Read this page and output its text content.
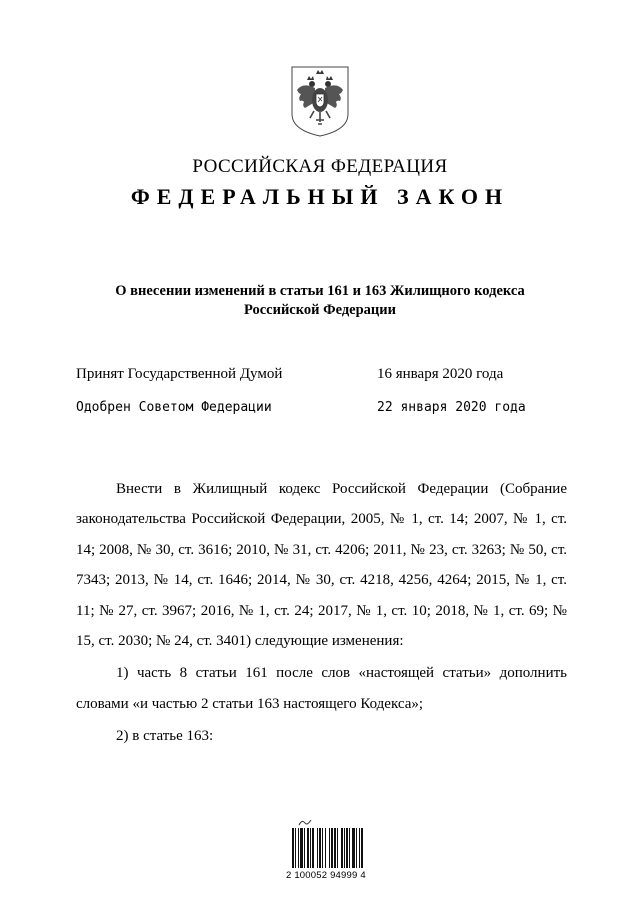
РОССИЙСКАЯ ФЕДЕРАЦИЯ
ФЕДЕРАЛЬНЫЙ ЗАКОН
О внесении изменений в статьи 161 и 163 Жилищного кодекса
Российской Федерации
Принят Государственной Думой	16 января 2020 года
Одобрен Советом Федерации	22 января 2020 года

Внести в Жилищный кодекс Российской Федерации (Собрание законодательства Российской Федерации, 2005, № 1, ст. 14; 2007, № 1, ст. 14; 2008, № 30, ст. 3616; 2010, № 31, ст. 4206; 2011, № 23, ст. 3263; № 50, ст. 7343; 2013, № 14, ст. 1646; 2014, № 30, ст. 4218, 4256, 4264; 2015, № 1, ст. 11; № 27, ст. 3967; 2016, № 1, ст. 24; 2017, № 1, ст. 10; 2018, № 1, ст. 69; № 15, ст. 2030; № 24, ст. 3401) следующие изменения:

1) часть 8 статьи 161 после слов «настоящей статьи» дополнить словами «и частью 2 статьи 163 настоящего Кодекса»;

2) в статье 163:

2 100052 94999 4
